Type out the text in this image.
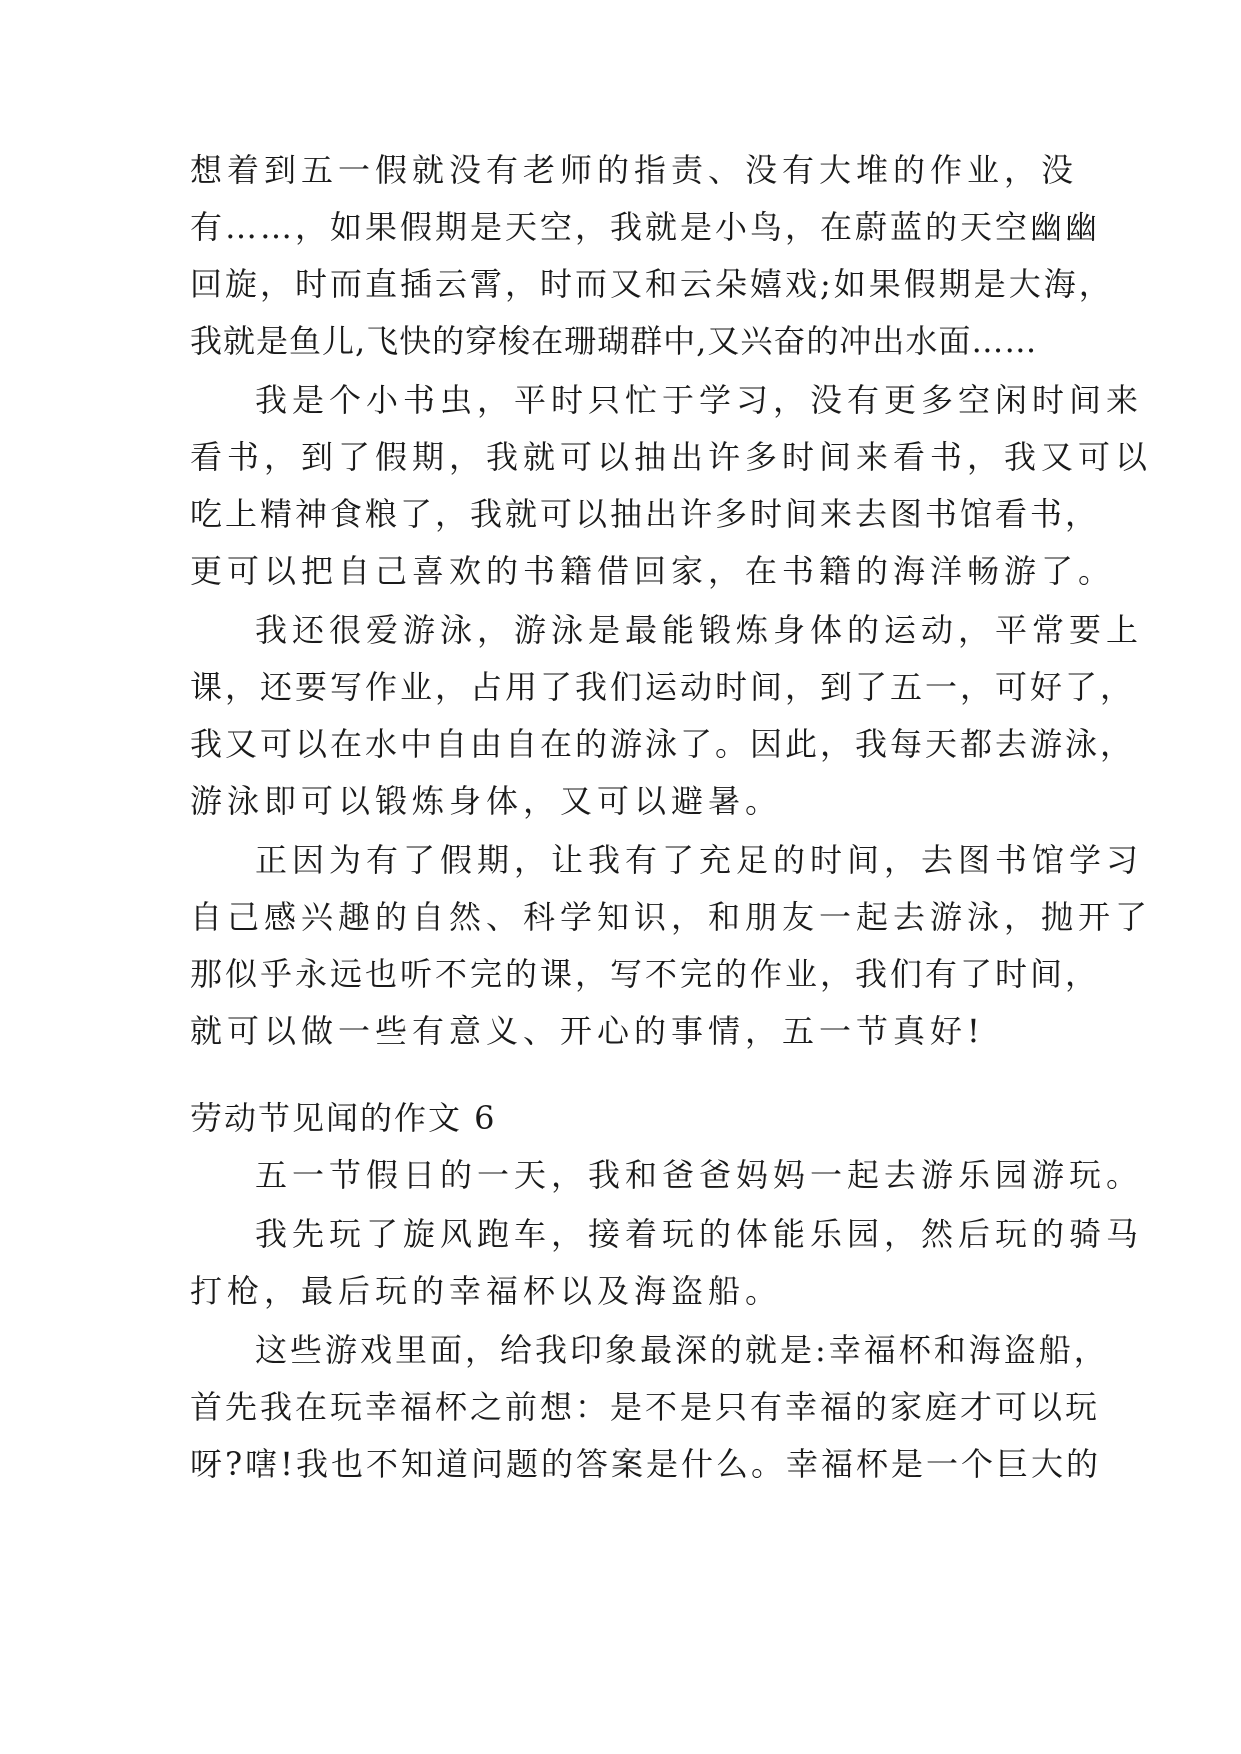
想着到五一假就没有老师的指责、没有大堆的作业，没
有……，如果假期是天空，我就是小鸟，在蔚蓝的天空幽幽
回旋，时而直插云霄，时而又和云朵嬉戏;如果假期是大海，
我就是鱼儿,飞快的穿梭在珊瑚群中,又兴奋的冲出水面……
我是个小书虫，平时只忙于学习，没有更多空闲时间来
看书，到了假期，我就可以抽出许多时间来看书，我又可以
吃上精神食粮了，我就可以抽出许多时间来去图书馆看书，
更可以把自己喜欢的书籍借回家，在书籍的海洋畅游了。
我还很爱游泳，游泳是最能锻炼身体的运动，平常要上
课，还要写作业，占用了我们运动时间，到了五一，可好了，
我又可以在水中自由自在的游泳了。因此，我每天都去游泳，
游泳即可以锻炼身体，又可以避暑。
正因为有了假期，让我有了充足的时间，去图书馆学习
自己感兴趣的自然、科学知识，和朋友一起去游泳，抛开了
那似乎永远也听不完的课，写不完的作业，我们有了时间，
就可以做一些有意义、开心的事情，五一节真好!
劳动节见闻的作文 6
五一节假日的一天，我和爸爸妈妈一起去游乐园游玩。
我先玩了旋风跑车，接着玩的体能乐园，然后玩的骑马
打枪，最后玩的幸福杯以及海盗船。
这些游戏里面，给我印象最深的就是:幸福杯和海盗船，
首先我在玩幸福杯之前想：是不是只有幸福的家庭才可以玩
呀?嗐!我也不知道问题的答案是什么。幸福杯是一个巨大的
